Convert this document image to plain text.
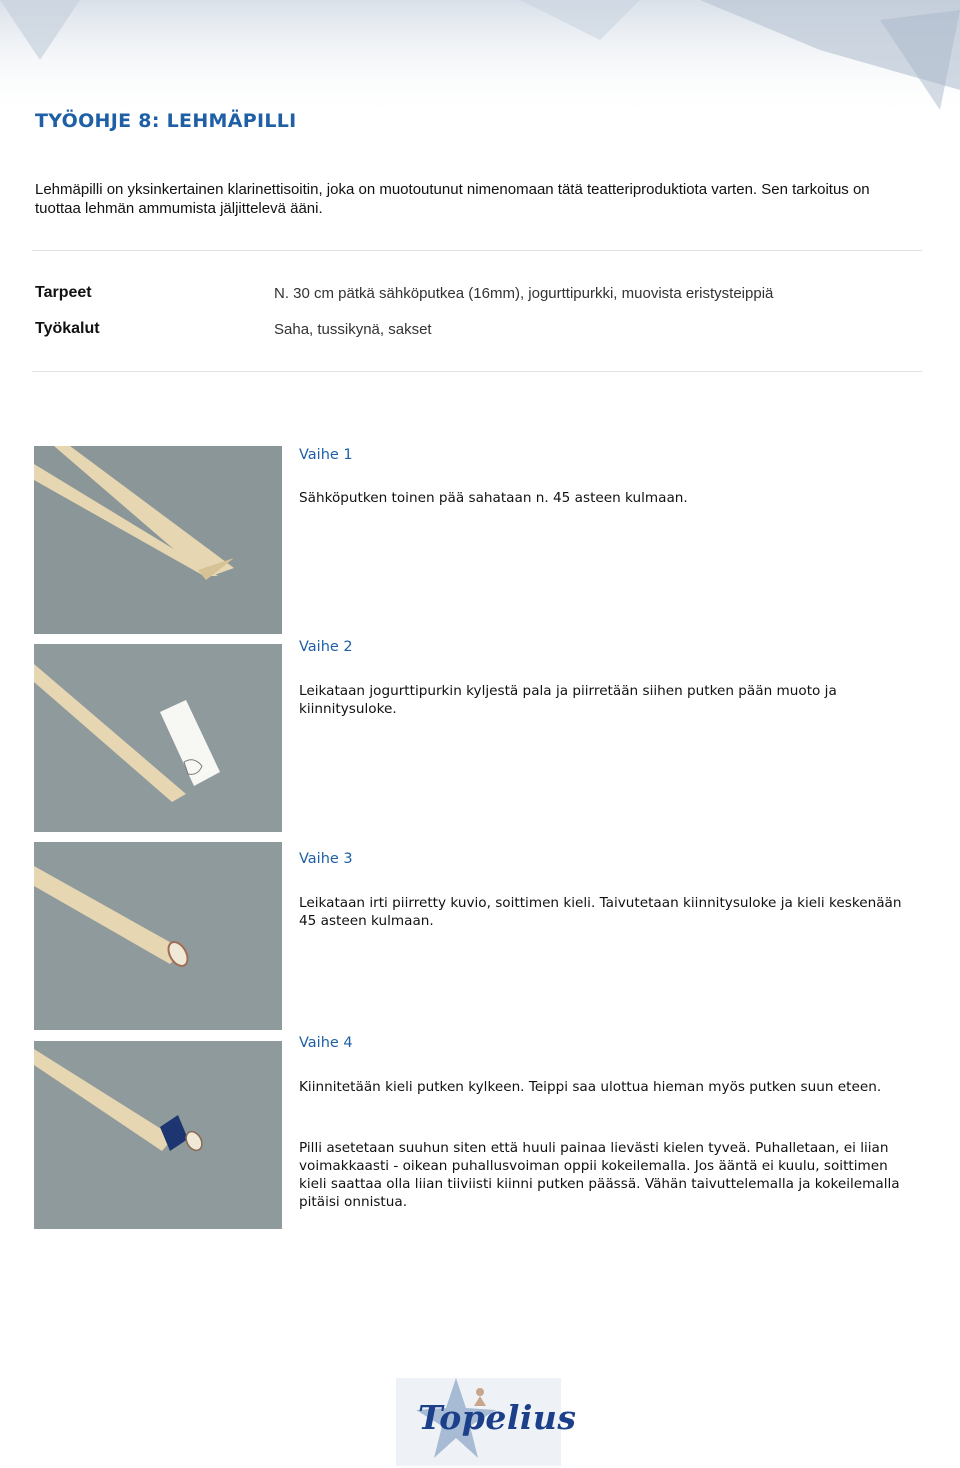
TYÖOHJE 8: LEHMÄPILLI
Lehmäpilli on yksinkertainen klarinettisoitin, joka on muotoutunut nimenomaan tätä teatteriproduktiota varten. Sen tarkoitus on tuottaa lehmän ammumista jäljittelevä ääni.
Tarpeet	N. 30 cm pätkä sähköputkea (16mm), jogurttipurkki, muovista eristysteippiä
Työkalut	Saha, tussikynä, sakset
Vaihe 1
Sähköputken toinen pää sahataan n. 45 asteen kulmaan.
Vaihe 2
Leikataan jogurttipurkin kyljestä pala ja piirretään siihen putken pään muoto ja kiinnitysuloke.
Vaihe 3
Leikataan irti piirretty kuvio, soittimen kieli. Taivutetaan kiinnitysuloke ja kieli keskenään 45 asteen kulmaan.
Vaihe 4
Kiinnitetään kieli putken kylkeen. Teippi saa ulottua hieman myös putken suun eteen.
Pilli asetetaan suuhun siten että huuli painaa lievästi kielen tyveä. Puhalletaan, ei liian voimakkaasti - oikean puhallusvoiman oppii kokeilemalla. Jos ääntä ei kuulu, soittimen kieli saattaa olla liian tiiviisti kiinni putken päässä. Vähän taivuttelemalla ja kokeilemalla pitäisi onnistua.
Topelius
